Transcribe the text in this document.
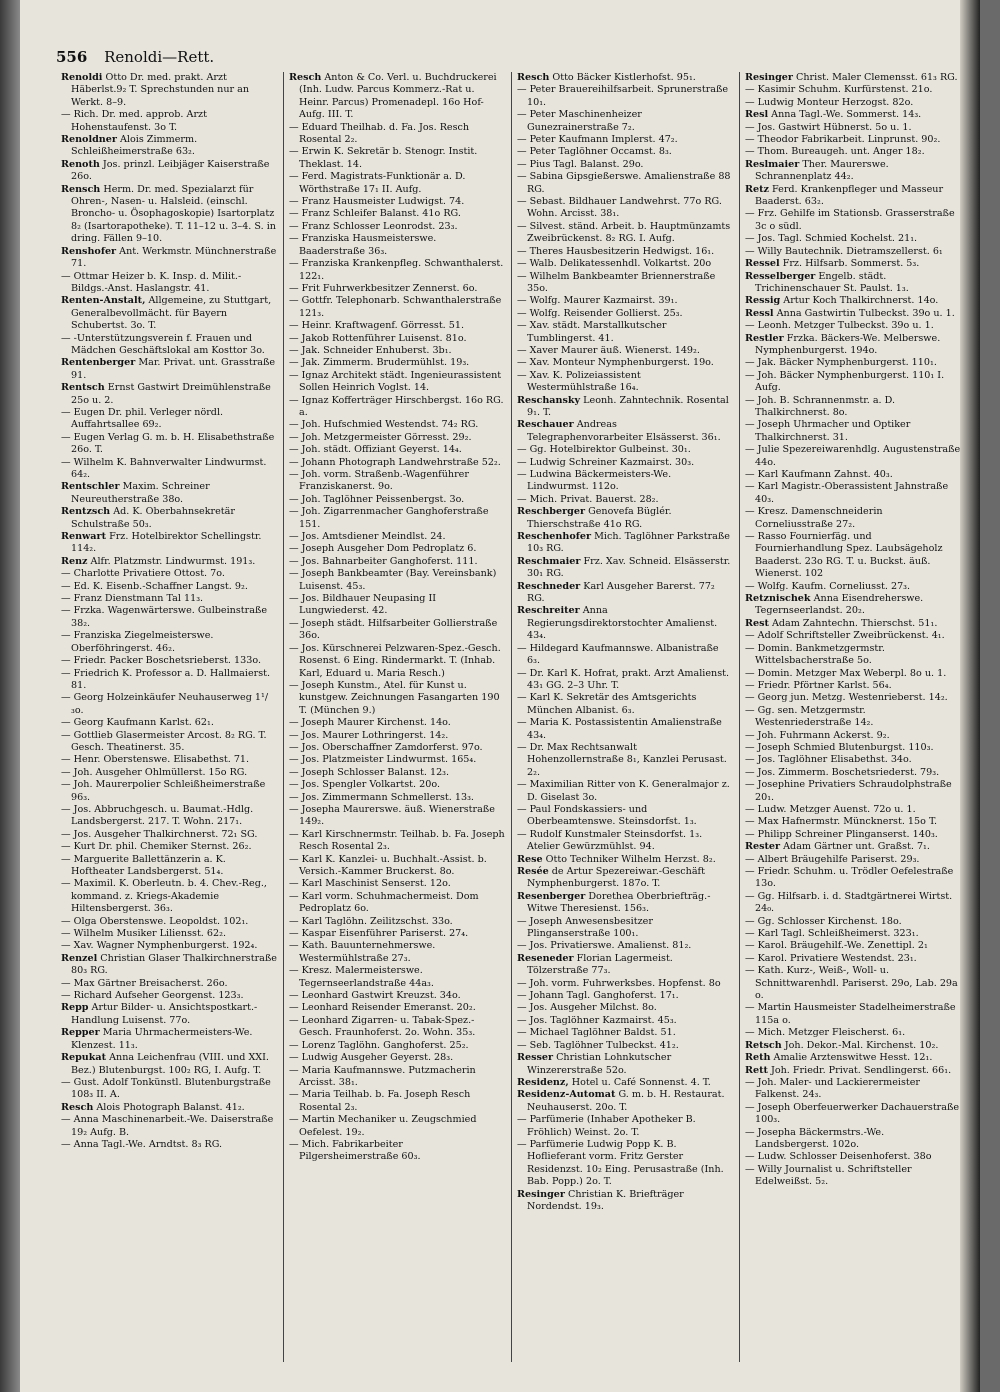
556 Renoldi—Rett.
Renoldi Otto Dr. med. prakt. Arzt Häberlst.9₂ T. Sprechstunden nur an Werkt. 8–9.
— Rich. Dr. med. approb. Arzt Hohenstaufenst. 3o T.
Renoldner Alois Zimmerm. Schleißheimerstraße 63₂.
Renoth Jos. prinzl. Leibjäger Kaiserstraße 26o.
Rensch Herm. Dr. med. Spezialarzt für Ohren-, Nasen- u. Halsleid. (einschl. Broncho- u. Ösophagoskopie) Isartorplatz 8₂ (Isartorapotheke). T. 11–12 u. 3–4. S. in dring. Fällen 9–10.
Renshofer Ant. Werkmstr. Münchnerstraße 71.
— Ottmar Heizer b. K. Insp. d. Milit.-Bildgs.-Anst. Haslangstr. 41.
Renten-Anstalt, Allgemeine, zu Stuttgart, Generalbevollmächt. für Bayern Schubertst. 3o. T.
— -Unterstützungsverein f. Frauen und Mädchen Geschäftslokal am Kosttor 3o.
Rentenberger Mar. Privat. unt. Grasstraße 91.
Rentsch Ernst Gastwirt Dreimühlenstraße 25o u. 2.
— Eugen Dr. phil. Verleger nördl. Auffahrtsallee 69₂.
— Eugen Verlag G. m. b. H. Elisabethstraße 26o. T.
— Wilhelm K. Bahnverwalter Lindwurmst. 64₂.
Rentschler Maxim. Schreiner Neureutherstraße 38o.
Rentzsch Ad. K. Oberbahnsekretär Schulstraße 50₃.
Renwart Frz. Hotelbirektor Schellingstr. 114₂.
Renz Alfr. Platzmstr. Lindwurmst. 191₃.
— Charlotte Privatiere Ottost. 7o.
— Ed. K. Eisenb.-Schaffner Langst. 9₂.
— Franz Dienstmann Tal 11₃.
— Frzka. Wagenwärterswe. Gulbeinstraße 38₂.
— Franziska Ziegelmeisterswe. Oberföhringerst. 46₂.
— Friedr. Packer Boschetsrieberst. 133o.
— Friedrich K. Professor a. D. Hallmaierst. 81.
— Georg Holzeinkäufer Neuhauserweg 1¹/₃o.
— Georg Kaufmann Karlst. 62₁.
— Gottlieb Glasermeister Arcost. 8₂ RG. T. Gesch. Theatinerst. 35.
— Henr. Oberstenswe. Elisabethst. 71.
— Joh. Ausgeher Ohlmüllerst. 15o RG.
— Joh. Maurerpolier Schleißheimerstraße 96₃.
— Jos. Abbruchgesch. u. Baumat.-Hdlg. Landsbergerst. 217. T. Wohn. 217₁.
— Jos. Ausgeher Thalkirchnerst. 72₁ SG.
— Kurt Dr. phil. Chemiker Sternst. 26₂.
— Marguerite Ballettänzerin a. K. Hoftheater Landsbergerst. 51₄.
— Maximil. K. Oberleutn. b. 4. Chev.-Reg., kommand. z. Kriegs-Akademie Hiltensbergerst. 36₃.
— Olga Oberstenswe. Leopoldst. 102₁.
— Wilhelm Musiker Liliensst. 62₂.
— Xav. Wagner Nymphenburgerst. 192₄.
Renzel Christian Glaser Thalkirchnerstraße 80₃ RG.
— Max Gärtner Breisacherst. 26o.
— Richard Aufseher Georgenst. 123₃.
Repp Artur Bilder- u. Ansichtspostkart.-Handlung Luisenst. 77o.
Repper Maria Uhrmachermeisters-We. Klenzest. 11₃.
Repukat Anna Leichenfrau (VIII. und XXI. Bez.) Blutenburgst. 100₂ RG, I. Aufg. T.
— Gust. Adolf Tonkünstl. Blutenburgstraße 108₃ II. A.
Resch Alois Photograph Balanst. 41₂.
— Anna Maschinenarbeit.-We. Daiserstraße 19₂ Aufg. B.
— Anna Tagl.-We. Arndtst. 8₃ RG.
Resch Anton & Co. Verl. u. Buchdruckerei (Inh. Ludw. Parcus Kommerz.-Rat u. Heinr. Parcus) Promenadepl. 16o Hof-Aufg. III. T.
— Eduard Theilhab. d. Fa. Jos. Resch Rosental 2₂.
— Erwin K. Sekretär b. Stenogr. Instit. Theklast. 14.
— Ferd. Magistrats-Funktionär a. D. Wörthstraße 17₁ II. Aufg.
— Franz Hausmeister Ludwigst. 74.
— Franz Schleifer Balanst. 41o RG.
— Franz Schlosser Leonrodst. 23₃.
— Franziska Hausmeisterswe. Baaderstraße 36₃.
— Franziska Krankenpfleg. Schwanthalerst. 122₁.
— Frit Fuhrwerkbesitzer Zennerst. 6o.
— Gottfr. Telephonarb. Schwanthalerstraße 121₃.
— Heinr. Kraftwagenf. Görresst. 51.
— Jakob Rottenführer Luisenst. 81o.
— Jak. Schneider Enhuberst. 3b₁.
— Jak. Zimmerm. Brudermühlst. 19₃.
— Ignaz Architekt städt. Ingenieurassistent Sollen Heinrich Voglst. 14.
— Ignaz Kofferträger Hirschbergst. 16o RG. a.
— Joh. Hufschmied Westendst. 74₂ RG.
— Joh. Metzgermeister Görresst. 29₂.
— Joh. städt. Offiziant Geyerst. 14₄.
— Johann Photograph Landwehrstraße 52₂.
— Joh. vorm. Straßenb.-Wagenführer Franziskanerst. 9o.
— Joh. Taglöhner Peissenbergst. 3o.
— Joh. Zigarrenmacher Ganghoferstraße 151.
— Jos. Amtsdiener Meindlst. 24.
— Joseph Ausgeher Dom Pedroplatz 6.
— Jos. Bahnarbeiter Ganghoferst. 111.
— Joseph Bankbeamter (Bay. Vereinsbank) Luisenst. 45₃.
— Jos. Bildhauer Neupasing II Lungwiederst. 42.
— Joseph städt. Hilfsarbeiter Gollierstraße 36o.
— Jos. Kürschnerei Pelzwaren-Spez.-Gesch. Rosenst. 6 Eing. Rindermarkt. T. (Inhab. Karl, Eduard u. Maria Resch.)
— Joseph Kunstm., Atel. für Kunst u. kunstgew. Zeichnungen Fasangarten 190 T. (München 9.)
— Joseph Maurer Kirchenst. 14o.
— Jos. Maurer Lothringerst. 14₂.
— Jos. Oberschaffner Zamdorferst. 97o.
— Jos. Platzmeister Lindwurmst. 165₄.
— Joseph Schlosser Balanst. 12₃.
— Jos. Spengler Volkartst. 20o.
— Jos. Zimmermann Schmellerst. 13₃.
— Josepha Maurerswe. äuß. Wienerstraße 149₂.
— Karl Kirschnermstr. Teilhab. b. Fa. Joseph Resch Rosental 2₃.
— Karl K. Kanzlei- u. Buchhalt.-Assist. b. Versich.-Kammer Bruckerst. 8o.
— Karl Maschinist Senserst. 12o.
— Karl vorm. Schuhmachermeist. Dom Pedroplatz 6o.
— Karl Taglöhn. Zeilitzschst. 33o.
— Kaspar Eisenführer Pariserst. 27₄.
— Kath. Bauunternehmerswe. Westermühlstraße 27₃.
— Kresz. Malermeisterswe. Tegernseerlandstraße 44a₃.
— Leonhard Gastwirt Kreuzst. 34o.
— Leonhard Reisender Emeranst. 20₂.
— Leonhard Zigarren- u. Tabak-Spez.-Gesch. Fraunhoferst. 2o. Wohn. 35₃.
— Lorenz Taglöhn. Ganghoferst. 25₂.
— Ludwig Ausgeher Geyerst. 28₃.
— Maria Kaufmannswe. Putzmacherin Arcisst. 38₁.
— Maria Teilhab. b. Fa. Joseph Resch Rosental 2₃.
— Martin Mechaniker u. Zeugschmied Oefelest. 19₂.
— Mich. Fabrikarbeiter Pilgersheimerstraße 60₃.
Resch Otto Bäcker Kistlerhofst. 95₁.
— Peter Brauereihilfsarbeit. Sprunerstraße 10₁.
— Peter Maschinenheizer Gunezrainerstraße 7₂.
— Peter Kaufmann Implerst. 47₂.
— Peter Taglöhner Occamst. 8₃.
— Pius Tagl. Balanst. 29o.
— Sabina Gipsgießerswe. Amalienstraße 88 RG.
— Sebast. Bildhauer Landwehrst. 77o RG. Wohn. Arcisst. 38₁.
— Silvest. ständ. Arbeit. b. Hauptmünzamts Zweibrückenst. 8₂ RG. I. Aufg.
— Theres Hausbesitzerin Hedwigst. 16₁.
— Walb. Delikatessenhdl. Volkartst. 20o
— Wilhelm Bankbeamter Briennerstraße 35o.
— Wolfg. Maurer Kazmairst. 39₁.
— Wolfg. Reisender Gollierst. 25₃.
— Xav. städt. Marstallkutscher Tumblingerst. 41.
— Xaver Maurer äuß. Wienerst. 149₂.
— Xav. Monteur Nymphenburgerst. 19o.
— Xav. K. Polizeiassistent Westermühlstraße 16₄.
Reschansky Leonh. Zahntechnik. Rosental 9₁. T.
Reschauer Andreas Telegraphenvorarbeiter Elsässerst. 36₁.
— Gg. Hotelbirektor Gulbeinst. 30₁.
— Ludwig Schreiner Kazmairst. 30₃.
— Ludwina Bäckermeisters-We. Lindwurmst. 112o.
— Mich. Privat. Bauerst. 28₂.
Reschberger Genovefa Büglér. Thierschstraße 41o RG.
Reschenhofer Mich. Taglöhner Parkstraße 10₃ RG.
Reschmaier Frz. Xav. Schneid. Elsässerstr. 30₁ RG.
Reschneder Karl Ausgeher Barerst. 77₂ RG.
Reschreiter Anna Regierungsdirektorstochter Amalienst. 43₄.
— Hildegard Kaufmannswe. Albanistraße 6₃.
— Dr. Karl K. Hofrat, prakt. Arzt Amalienst. 43₁ GG. 2–3 Uhr. T.
— Karl K. Sekretär des Amtsgerichts München Albanist. 6₃.
— Maria K. Postassistentin Amalienstraße 43₄.
— Dr. Max Rechtsanwalt Hohenzollernstraße 8₁, Kanzlei Perusast. 2₂.
— Maximilian Ritter von K. Generalmajor z. D. Giselast 3o.
— Paul Fondskassiers- und Oberbeamtenswe. Steinsdorfst. 1₃.
— Rudolf Kunstmaler Steinsdorfst. 1₃. Atelier Gewürzmühlst. 94.
Rese Otto Techniker Wilhelm Herzst. 8₂.
Resée de Artur Spezereiwar.-Geschäft Nymphenburgerst. 187o. T.
Resenberger Dorethea Oberbriefträg.-Witwe Theresienst. 156₃.
— Joseph Anwesensbesitzer Plinganserstraße 100₁.
— Jos. Privatierswe. Amalienst. 81₂.
Reseneder Florian Lagermeist. Tölzerstraße 77₃.
— Joh. vorm. Fuhrwerksbes. Hopfenst. 8o
— Johann Tagl. Ganghoferst. 17₁.
— Jos. Ausgeher Milchst. 8o.
— Jos. Taglöhner Kazmairst. 45₃.
— Michael Taglöhner Baldst. 51.
— Seb. Taglöhner Tulbeckst. 41₂.
Resser Christian Lohnkutscher Winzererstraße 52o.
Residenz, Hotel u. Café Sonnenst. 4. T.
Residenz-Automat G. m. b. H. Restaurat. Neuhauserst. 20o. T.
— Parfümerie (Inhaber Apotheker B. Fröhlich) Weinst. 2o. T.
— Parfümerie Ludwig Popp K. B. Hoflieferant vorm. Fritz Gerster Residenzst. 10₂ Eing. Perusastraße (Inh. Bab. Popp.) 2o. T.
Resinger Christian K. Briefträger Nordendst. 19₃.
Resinger Christ. Maler Clemensst. 61₃ RG.
— Kasimir Schuhm. Kurfürstenst. 21o.
— Ludwig Monteur Herzogst. 82o.
Resl Anna Tagl.-We. Sommerst. 14₃.
— Jos. Gastwirt Hübnerst. 5o u. 1.
— Theodor Fabrikarbeit. Linprunst. 90₂.
— Thom. Bureaugeh. unt. Anger 18₂.
Reslmaier Ther. Maurerswe. Schrannenplatz 44₂.
Retz Ferd. Krankenpfleger und Masseur Baaderst. 63₂.
— Frz. Gehilfe im Stationsb. Grasserstraße 3c o südl.
— Jos. Tagl. Schmied Kochelst. 21₁.
— Willy Bautechnik. Dietramszellerst. 6₁
Ressel Frz. Hilfsarb. Sommerst. 5₃.
Resselberger Engelb. städt. Trichinenschauer St. Paulst. 1₃.
Ressig Artur Koch Thalkirchnerst. 14o.
Ressl Anna Gastwirtin Tulbeckst. 39o u. 1.
— Leonh. Metzger Tulbeckst. 39o u. 1.
Restler Frzka. Bäckers-We. Melberswe. Nymphenburgerst. 194o.
— Jak. Bäcker Nymphenburgerst. 110₁.
— Joh. Bäcker Nymphenburgerst. 110₁ I. Aufg.
— Joh. B. Schrannenmstr. a. D. Thalkirchnerst. 8o.
— Joseph Uhrmacher und Optiker Thalkirchnerst. 31.
— Julie Spezereiwarenhdlg. Augustenstraße 44o.
— Karl Kaufmann Zahnst. 40₃.
— Karl Magistr.-Oberassistent Jahnstraße 40₃.
— Kresz. Damenschneiderin Corneliusstraße 27₂.
— Rasso Fournierfäg. und Fournierhandlung Spez. Laubsägeholz Baaderst. 23o RG. T. u. Buckst. äuß. Wienerst. 102
— Wolfg. Kaufm. Corneliusst. 27₃.
Retznischek Anna Eisendreherswe. Tegernseerlandst. 20₂.
Rest Adam Zahntechn. Thierschst. 51₁.
— Adolf Schriftsteller Zweibrückenst. 4₁.
— Domin. Bankmetzgermstr. Wittelsbacherstraße 5o.
— Domin. Metzger Max Weberpl. 8o u. 1.
— Friedr. Pförtner Karlst. 56₄.
— Georg jun. Metzg. Westenrieberst. 14₂.
— Gg. sen. Metzgermstr. Westenriederstraße 14₂.
— Joh. Fuhrmann Ackerst. 9₂.
— Joseph Schmied Blutenburgst. 110₃.
— Jos. Taglöhner Elisabethst. 34o.
— Jos. Zimmerm. Boschetsriederst. 79₃.
— Josephine Privatiers Schraudolphstraße 20₁.
— Ludw. Metzger Auenst. 72o u. 1.
— Max Hafnermstr. Müncknerst. 15o T.
— Philipp Schreiner Plinganserst. 140₃.
Rester Adam Gärtner unt. Graßst. 7₁.
— Albert Bräugehilfe Pariserst. 29₃.
— Friedr. Schuhm. u. Trödler Oefelestraße 13o.
— Gg. Hilfsarb. i. d. Stadtgärtnerei Wirtst. 24₀.
— Gg. Schlosser Kirchenst. 18o.
— Karl Tagl. Schleißheimerst. 323₁.
— Karol. Bräugehilf.-We. Zenettipl. 2₁
— Karol. Privatiere Westendst. 23₁.
— Kath. Kurz-, Weiß-, Woll- u. Schnittwarenhdl. Pariserst. 29o, Lab. 29a o.
— Martin Hausmeister Stadelheimerstraße 115a o.
— Mich. Metzger Fleischerst. 6₁.
Retsch Joh. Dekor.-Mal. Kirchenst. 10₂.
Reth Amalie Arztenswitwe Hesst. 12₁.
Rett Joh. Friedr. Privat. Sendlingerst. 66₁.
— Joh. Maler- und Lackierermeister Falkenst. 24₃.
— Joseph Oberfeuerwerker Dachauerstraße 100₃.
— Josepha Bäckermstrs.-We. Landsbergerst. 102o.
— Ludw. Schlosser Deisenhoferst. 38o
— Willy Journalist u. Schriftsteller Edelweißst. 5₂.
